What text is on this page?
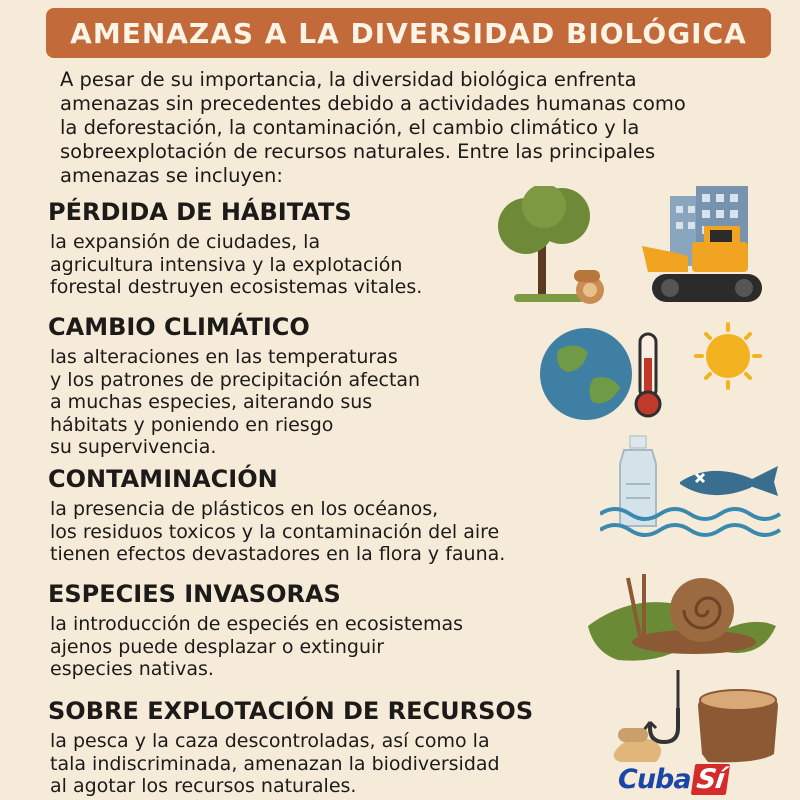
AMENAZAS A LA DIVERSIDAD BIOLÓGICA

A pesar de su importancia, la diversidad biológica enfrenta
amenazas sin precedentes debido a actividades humanas como
la deforestación, la contaminación, el cambio climático y la
sobreexplotación de recursos naturales. Entre las principales
amenazas se incluyen:

PÉRDIDA DE HÁBITATS

la expansión de ciudades, la
agricultura intensiva y la explotación
forestal destruyen ecosistemas vitales.

CAMBIO CLIMÁTICO

las alteraciones en las temperaturas
y los patrones de precipitación afectan
a muchas especies, aiterando sus
hábitats y poniendo en riesgo
su supervivencia.

CONTAMINACIÓN

la presencia de plásticos en los océanos,
los residuos toxicos y la contaminación del aire
tienen efectos devastadores en la flora y fauna.

ESPECIES INVASORAS

la introducción de especiés en ecosistemas
ajenos puede desplazar o extinguir
especies nativas.

SOBRE EXPLOTACIÓN DE RECURSOS

la pesca y la caza descontroladas, así como la
tala indiscriminada, amenazan la biodiversidad
al agotar los recursos naturales.	Cuba Sí
